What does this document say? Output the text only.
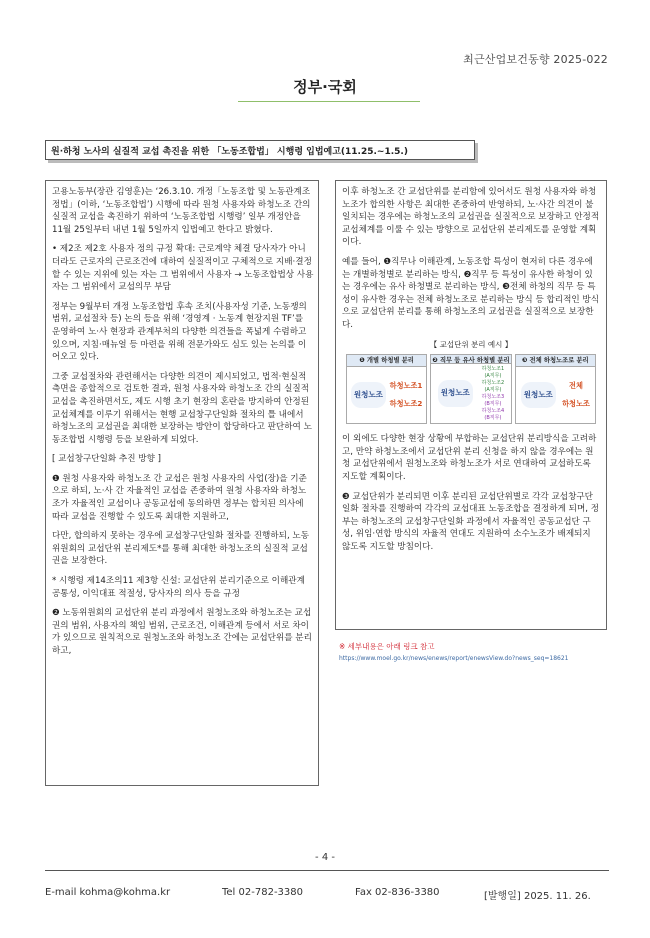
최근산업보건동향 2025-022
정부·국회
원·하청 노사의 실질적 교섭 촉진을 위한 「노동조합법」 시행령 입법예고(11.25.~1.5.)

고용노동부(장관 김영훈)는 ‘26.3.10. 개정「노동조합 및 노동관계조정법」(이하, ‘노동조합법’) 시행에 따라 원청 사용자와 하청노조 간의 실질적 교섭을 촉진하기 위하여 ‘노동조합법 시행령’ 일부 개정안을 11월 25일부터 내년 1월 5일까지 입법예고 한다고 밝혔다.

• 제2조 제2호 사용자 정의 규정 확대: 근로계약 체결 당사자가 아니더라도 근로자의 근로조건에 대하여 실질적이고 구체적으로 지배·결정할 수 있는 지위에 있는 자는 그 범위에서 사용자 → 노동조합법상 사용자는 그 범위에서 교섭의무 부담

정부는 9월부터 개정 노동조합법 후속 조치(사용자성 기준, 노동쟁의 범위, 교섭절차 등) 논의 등을 위해 ‘경영계 · 노동계 현장지원 TF’를 운영하여 노·사 현장과 관계부처의 다양한 의견들을 폭넓게 수렴하고 있으며, 지침·매뉴얼 등 마련을 위해 전문가와도 심도 있는 논의를 이어오고 있다.

그중 교섭절차와 관련해서는 다양한 의견이 제시되었고, 법적·현실적 측면을 종합적으로 검토한 결과, 원청 사용자와 하청노조 간의 실질적 교섭을 촉진하면서도, 제도 시행 초기 현장의 혼란을 방지하여 안정된 교섭체계를 이루기 위해서는 현행 교섭창구단일화 절차의 틀 내에서 하청노조의 교섭권을 최대한 보장하는 방안이 합당하다고 판단하여 노동조합법 시행령 등을 보완하게 되었다.

[ 교섭창구단일화 추진 방향 ]

❶ 원청 사용자와 하청노조 간 교섭은 원청 사용자의 사업(장)을 기준으로 하되, 노·사 간 자율적인 교섭을 존중하여 원청 사용자와 하청노조가 자율적인 교섭이나 공동교섭에 동의하면 정부는 합치된 의사에 따라 교섭을 진행할 수 있도록 최대한 지원하고,

다만, 합의하지 못하는 경우에 교섭창구단일화 절차를 진행하되, 노동위원회의 교섭단위 분리제도*를 통해 최대한 하청노조의 실질적 교섭권을 보장한다.

* 시행령 제14조의11 제3항 신설: 교섭단위 분리기준으로 이해관계 공통성, 이익대표 적절성, 당사자의 의사 등을 규정

❷ 노동위원회의 교섭단위 분리 과정에서 원청노조와 하청노조는 교섭권의 범위, 사용자의 책임 범위, 근로조건, 이해관계 등에서 서로 차이가 있으므로 원칙적으로 원청노조와 하청노조 간에는 교섭단위를 분리하고,

이후 하청노조 간 교섭단위를 분리함에 있어서도 원청 사용자와 하청노조가 합의한 사항은 최대한 존중하여 반영하되, 노·사간 의견이 불일치되는 경우에는 하청노조의 교섭권을 실질적으로 보장하고 안정적 교섭체계를 이룰 수 있는 방향으로 교섭단위 분리제도를 운영할 계획이다.

예를 들어, ❶직무나 이해관계, 노동조합 특성이 현저히 다른 경우에는 개별하청별로 분리하는 방식, ❷직무 등 특성이 유사한 하청이 있는 경우에는 유사 하청별로 분리하는 방식, ❸전체 하청의 직무 등 특성이 유사한 경우는 전체 하청노조로 분리하는 방식 등 합리적인 방식으로 교섭단위 분리를 통해 하청노조의 교섭권을 실질적으로 보장한다.

【 교섭단위 분리 예시 】
❶ 개별 하청별 분리
원청노조
하청노조1
하청노조2
❷ 직무 등 유사 하청별 분리
원청노조
하청노조1
(A직무)
하청노조2
(A직무)
하청노조3
(B직무)
하청노조4
(B직무)
❸ 전체 하청노조로 분리
원청노조
전체
하청노조

이 외에도 다양한 현장 상황에 부합하는 교섭단위 분리방식을 고려하고, 만약 하청노조에서 교섭단위 분리 신청을 하지 않을 경우에는 원청 교섭단위에서 원청노조와 하청노조가 서로 연대하여 교섭하도록 지도할 계획이다.

❸ 교섭단위가 분리되면 이후 분리된 교섭단위별로 각각 교섭창구단일화 절차를 진행하여 각각의 교섭대표 노동조합을 결정하게 되며, 정부는 하청노조의 교섭창구단일화 과정에서 자율적인 공동교섭단 구성, 위임·연합 방식의 자율적 연대도 지원하여 소수노조가 배제되지 않도록 지도할 방침이다.

※ 세부내용은 아래 링크 참고
https://www.moel.go.kr/news/enews/report/enewsView.do?news_seq=18621
- 4 -
E-mail kohma@kohma.kr	Tel 02-782-3380	Fax 02-836-3380	[발행일] 2025. 11. 26.
